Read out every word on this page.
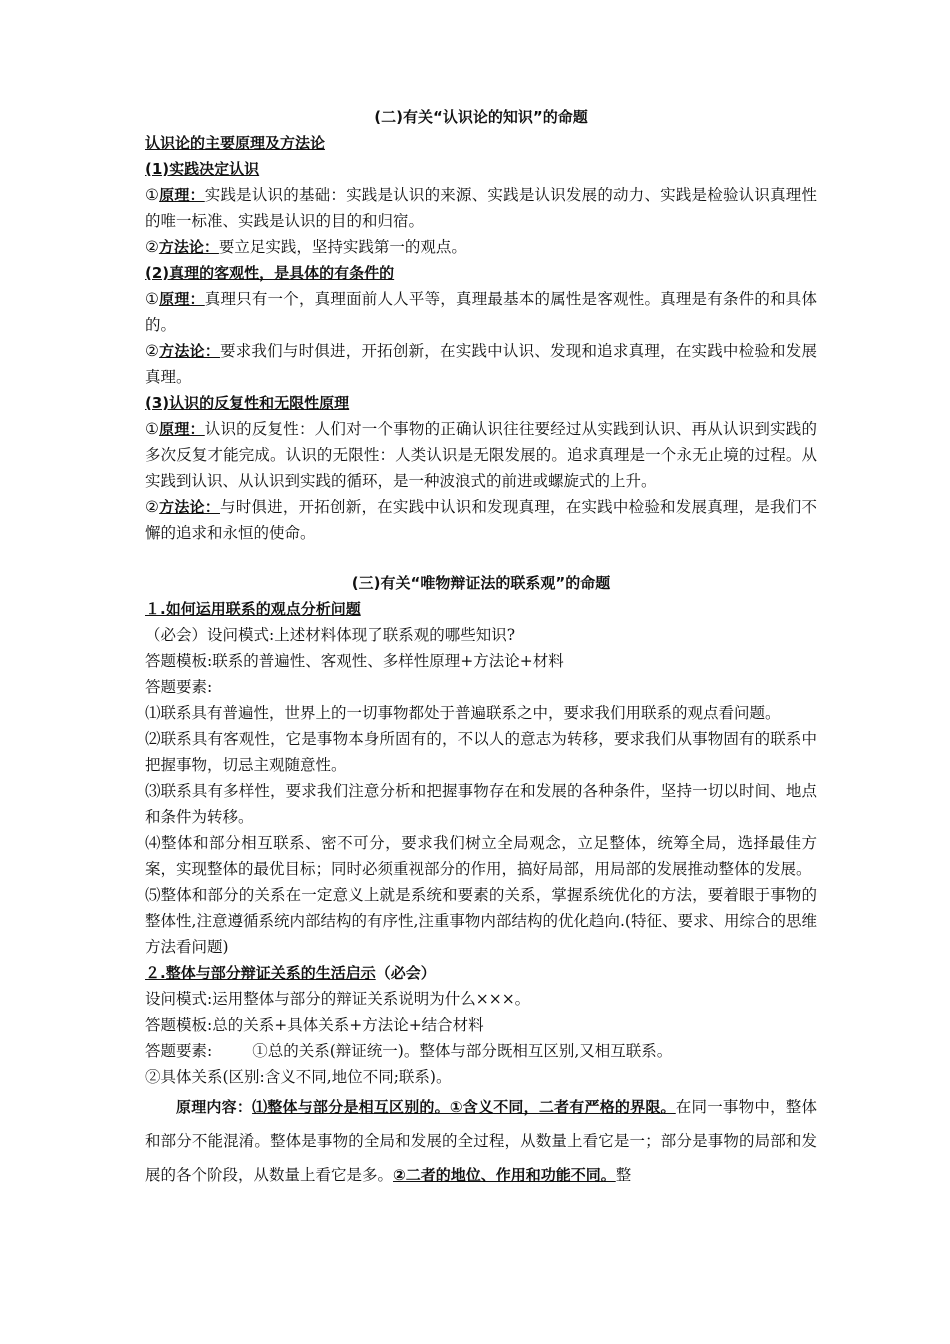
(二)有关“认识论的知识”的命题

认识论的主要原理及方法论

(1)实践决定认识

①原理：实践是认识的基础：实践是认识的来源、实践是认识发展的动力、实践是检验认识真理性的唯一标准、实践是认识的目的和归宿。

②方法论：要立足实践，坚持实践第一的观点。

(2)真理的客观性，是具体的有条件的

①原理：真理只有一个，真理面前人人平等，真理最基本的属性是客观性。真理是有条件的和具体的。

②方法论：要求我们与时俱进，开拓创新，在实践中认识、发现和追求真理，在实践中检验和发展真理。

(3)认识的反复性和无限性原理

①原理：认识的反复性：人们对一个事物的正确认识往往要经过从实践到认识、再从认识到实践的多次反复才能完成。认识的无限性：人类认识是无限发展的。追求真理是一个永无止境的过程。从实践到认识、从认识到实践的循环，是一种波浪式的前进或螺旋式的上升。

②方法论：与时俱进，开拓创新，在实践中认识和发现真理，在实践中检验和发展真理，是我们不懈的追求和永恒的使命。

(三)有关“唯物辩证法的联系观”的命题

１.如何运用联系的观点分析问题

（必会）设问模式:上述材料体现了联系观的哪些知识?

答题模板:联系的普遍性、客观性、多样性原理+方法论+材料

答题要素:

⑴联系具有普遍性，世界上的一切事物都处于普遍联系之中，要求我们用联系的观点看问题。

⑵联系具有客观性，它是事物本身所固有的，不以人的意志为转移，要求我们从事物固有的联系中把握事物，切忌主观随意性。

⑶联系具有多样性，要求我们注意分析和把握事物存在和发展的各种条件，坚持一切以时间、地点和条件为转移。

⑷整体和部分相互联系、密不可分，要求我们树立全局观念，立足整体，统筹全局，选择最佳方案，实现整体的最优目标；同时必须重视部分的作用，搞好局部，用局部的发展推动整体的发展。

⑸整体和部分的关系在一定意义上就是系统和要素的关系，掌握系统优化的方法，要着眼于事物的整体性,注意遵循系统内部结构的有序性,注重事物内部结构的优化趋向.(特征、要求、用综合的思维方法看问题)

２.整体与部分辩证关系的生活启示（必会）

设问模式:运用整体与部分的辩证关系说明为什么×××。

答题模板:总的关系+具体关系+方法论+结合材料

答题要素:	①总的关系(辩证统一)。整体与部分既相互区别,又相互联系。

②具体关系(区别:含义不同,地位不同;联系)。

原理内容：⑴整体与部分是相互区别的。①含义不同，二者有严格的界限。在同一事物中，整体和部分不能混淆。整体是事物的全局和发展的全过程，从数量上看它是一；部分是事物的局部和发展的各个阶段，从数量上看它是多。②二者的地位、作用和功能不同。整
